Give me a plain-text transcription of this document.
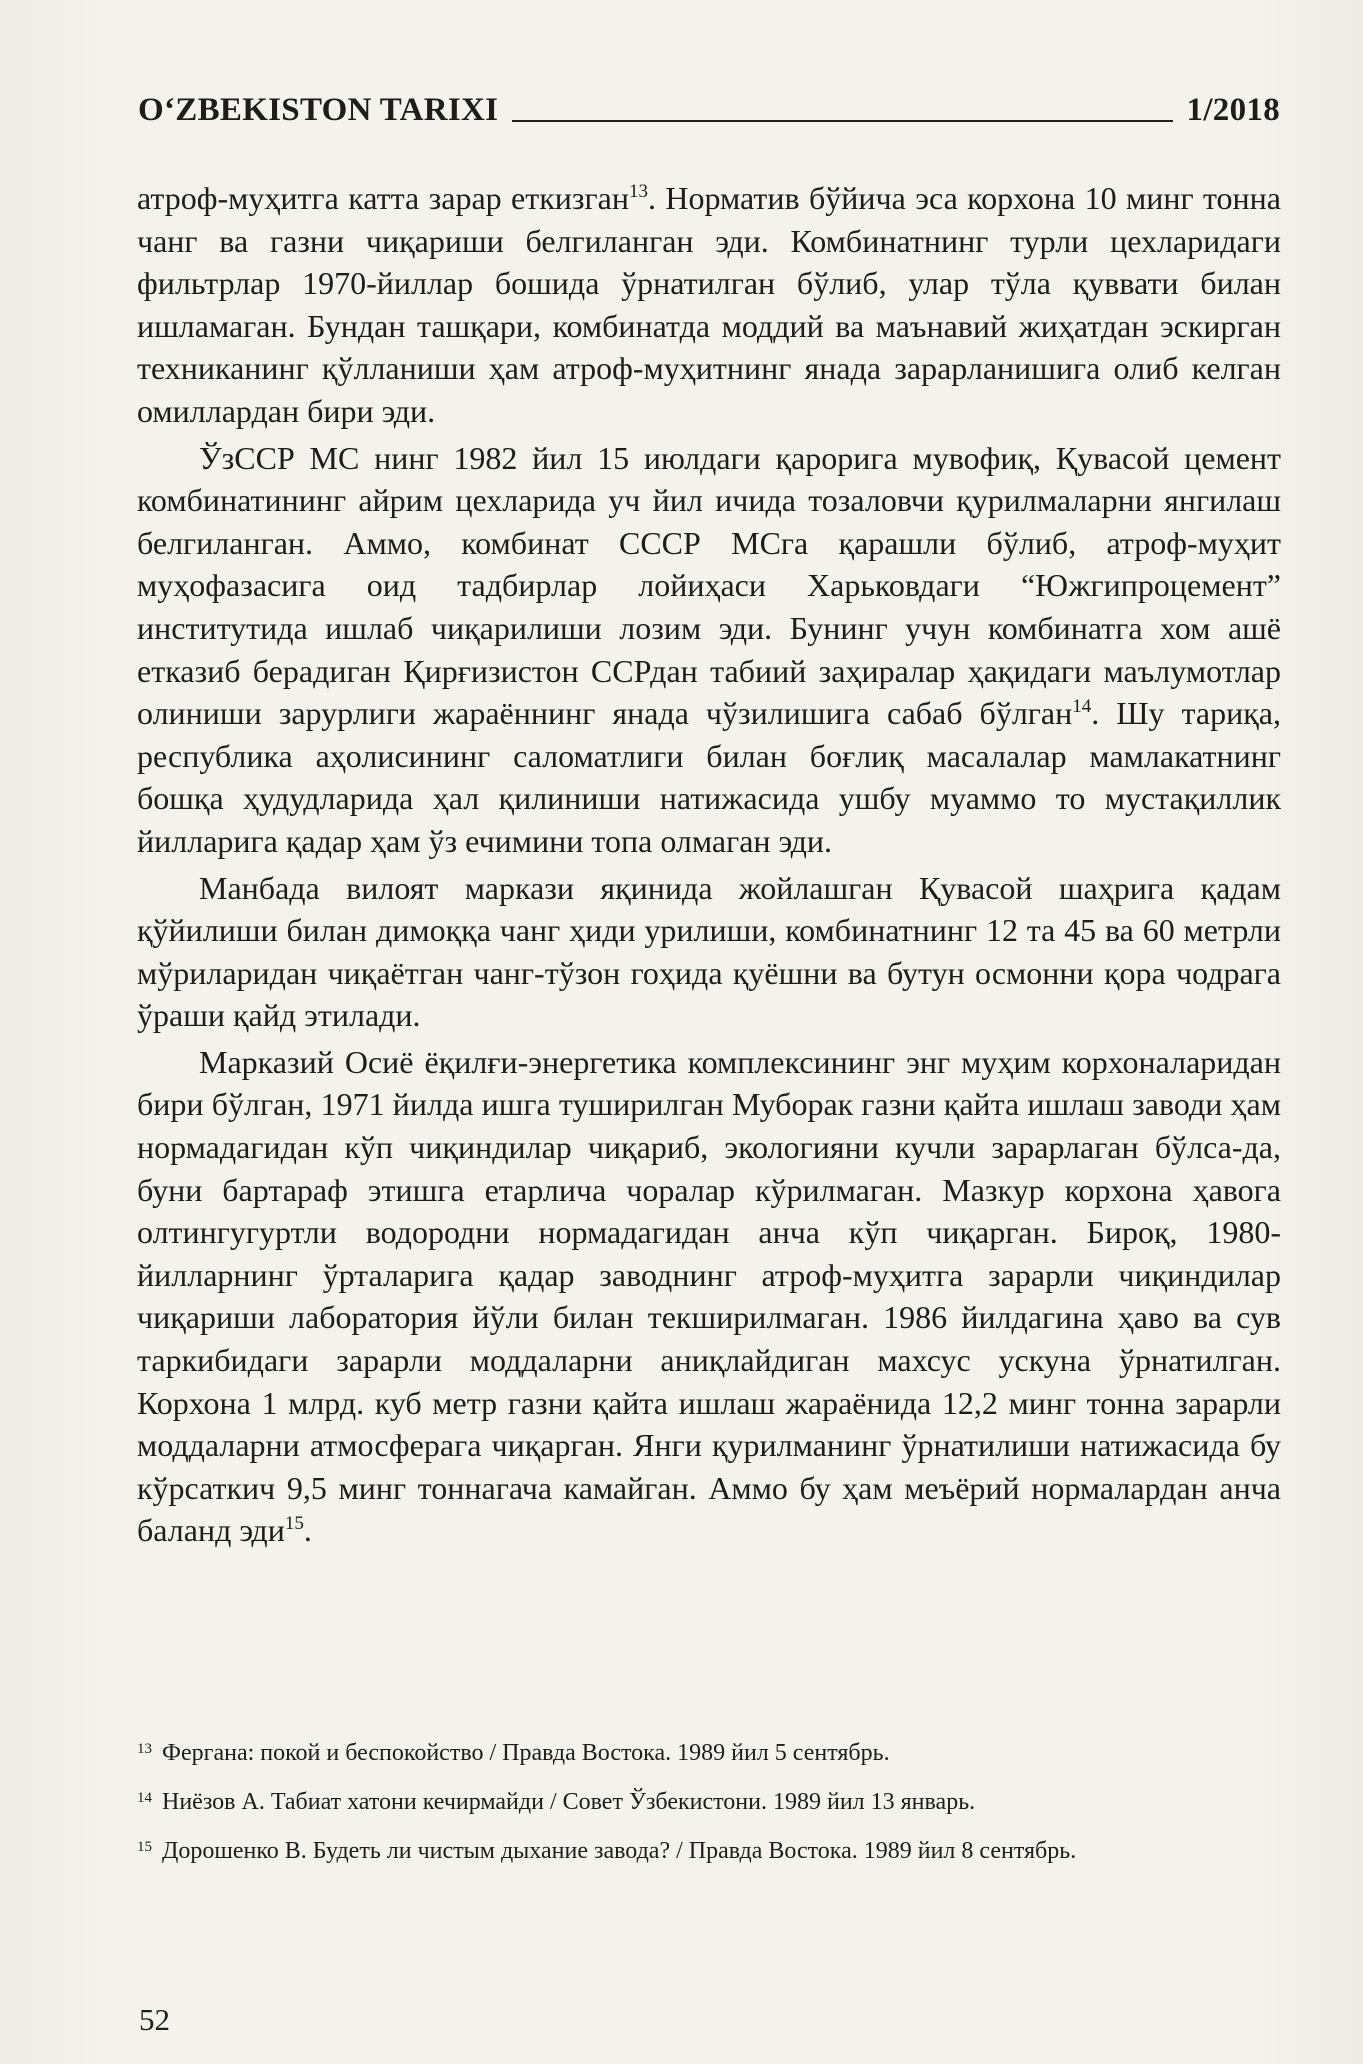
O‘ZBEKISTON TARIXI	1/2018

атроф-муҳитга катта зарар еткизган$^{13}$. Норматив бўйича эса корхона 10 минг тонна чанг ва газни чиқариши белгиланган эди. Комбинатнинг турли цехларидаги фильтрлар 1970-йиллар бошида ўрнатилган бўлиб, улар тўла қуввати билан ишламаган. Бундан ташқари, комбинатда моддий ва маънавий жиҳатдан эскирган техниканинг қўлланиши ҳам атроф-муҳитнинг янада зарарланишига олиб келган омиллардан бири эди.

ЎзССР МС нинг 1982 йил 15 июлдаги қарорига мувофиқ, Қувасой цемент комбинатининг айрим цехларида уч йил ичида тозаловчи қурилмаларни янгилаш белгиланган. Аммо, комбинат СССР МСга қарашли бўлиб, атроф-муҳит муҳофазасига оид тадбирлар лойиҳаси Харьковдаги “Южгипроцемент” институтида ишлаб чиқарилиши лозим эди. Бунинг учун комбинатга хом ашё етказиб берадиган Қирғизистон ССРдан табиий заҳиралар ҳақидаги маълумотлар олиниши зарурлиги жараённинг янада чўзилишига сабаб бўлган$^{14}$. Шу тариқа, республика аҳолисининг саломатлиги билан боғлиқ масалалар мамлакатнинг бошқа ҳудудларида ҳал қилиниши натижасида ушбу муаммо то мустақиллик йилларига қадар ҳам ўз ечимини топа олмаган эди.

Манбада вилоят маркази яқинида жойлашган Қувасой шаҳрига қадам қўйилиши билан димоққа чанг ҳиди урилиши, комбинатнинг 12 та 45 ва 60 метрли мўриларидан чиқаётган чанг-тўзон гоҳида қуёшни ва бутун осмонни қора чодрага ўраши қайд этилади.

Марказий Осиё ёқилғи-энергетика комплексининг энг муҳим корхоналаридан бири бўлган, 1971 йилда ишга туширилган Муборак газни қайта ишлаш заводи ҳам нормадагидан кўп чиқиндилар чиқариб, экологияни кучли зарарлаган бўлса-да, буни бартараф этишга етарлича чоралар кўрилмаган. Мазкур корхона ҳавога олтингугуртли водородни нормадагидан анча кўп чиқарган. Бироқ, 1980-йилларнинг ўрталарига қадар заводнинг атроф-муҳитга зарарли чиқиндилар чиқариши лаборатория йўли билан текширилмаган. 1986 йилдагина ҳаво ва сув таркибидаги зарарли моддаларни аниқлайдиган махсус ускуна ўрнатилган. Корхона 1 млрд. куб метр газни қайта ишлаш жараёнида 12,2 минг тонна зарарли моддаларни атмосферага чиқарган. Янги қурилманинг ўрнатилиши натижасида бу кўрсаткич 9,5 минг тоннагача камайган. Аммо бу ҳам меъёрий нормалардан анча баланд эди$^{15}$.

$^{13}$ Фергана: покой и беспокойство / Правда Востока. 1989 йил 5 сентябрь.
$^{14}$ Ниёзов А. Табиат хатони кечирмайди / Совет Ўзбекистони. 1989 йил 13 январь.
$^{15}$ Дорошенко В. Будеть ли чистым дыхание завода? / Правда Востока. 1989 йил 8 сентябрь.
52
